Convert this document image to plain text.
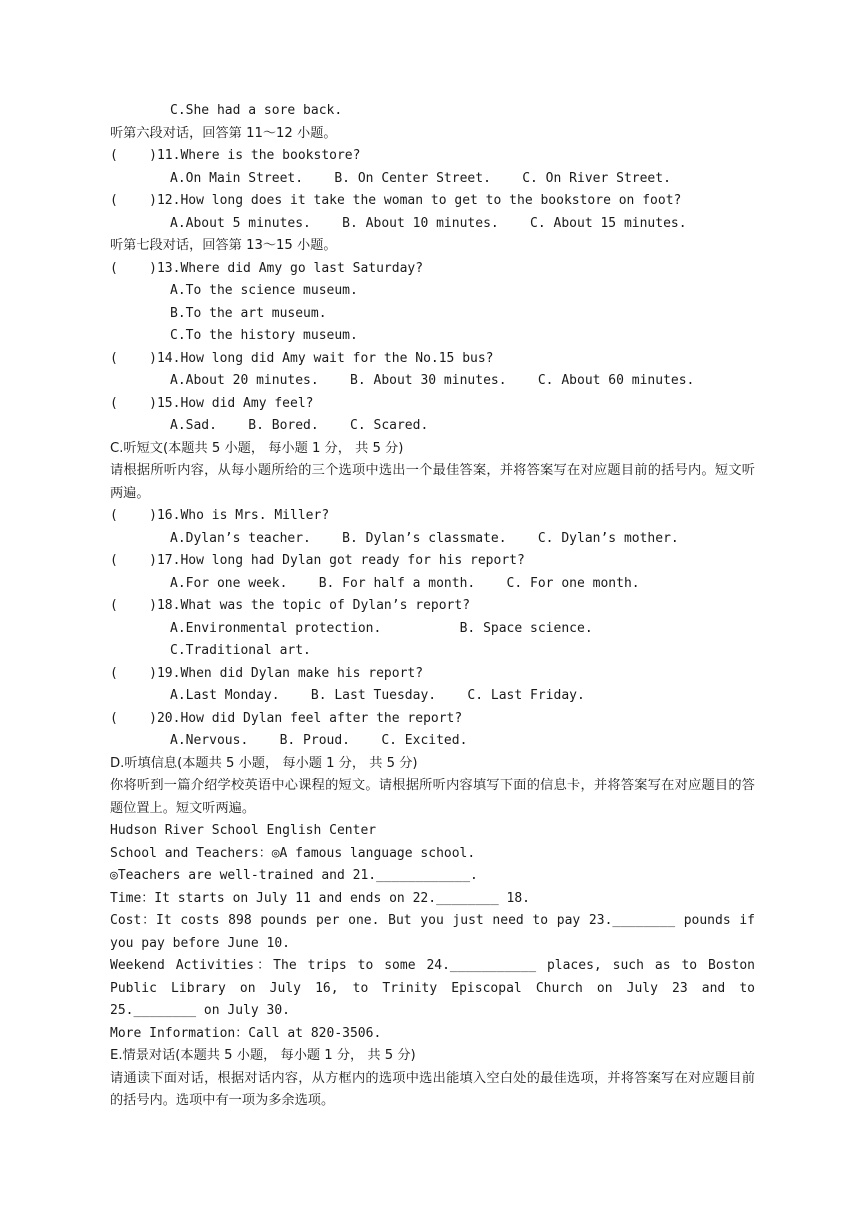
C.She had a sore back.
听第六段对话，回答第 11～12 小题。
(    )11.Where is the bookstore?
A.On Main Street.    B. On Center Street.    C. On River Street.
(    )12.How long does it take the woman to get to the bookstore on foot?
A.About 5 minutes.    B. About 10 minutes.    C. About 15 minutes.
听第七段对话，回答第 13～15 小题。
(    )13.Where did Amy go last Saturday?
A.To the science museum.
B.To the art museum.
C.To the history museum.
(    )14.How long did Amy wait for the No.15 bus?
A.About 20 minutes.    B. About 30 minutes.    C. About 60 minutes.
(    )15.How did Amy feel?
A.Sad.    B. Bored.    C. Scared.
C.听短文(本题共 5 小题， 每小题 1 分， 共 5 分)
请根据所听内容，从每小题所给的三个选项中选出一个最佳答案，并将答案写在对应题目前的括号内。短文听两遍。
(    )16.Who is Mrs. Miller?
A.Dylan’s teacher.    B. Dylan’s classmate.    C. Dylan’s mother.
(    )17.How long had Dylan got ready for his report?
A.For one week.    B. For half a month.    C. For one month.
(    )18.What was the topic of Dylan’s report?
A.Environmental protection.          B. Space science.
C.Traditional art.
(    )19.When did Dylan make his report?
A.Last Monday.    B. Last Tuesday.    C. Last Friday.
(    )20.How did Dylan feel after the report?
A.Nervous.    B. Proud.    C. Excited.
D.听填信息(本题共 5 小题， 每小题 1 分， 共 5 分)
你将听到一篇介绍学校英语中心课程的短文。请根据所听内容填写下面的信息卡，并将答案写在对应题目的答题位置上。短文听两遍。
Hudson River School English Center
School and Teachers：◎A famous language school.
◎Teachers are well-trained and 21.____________.
Time：It starts on July 11 and ends on 22.________ 18.
Cost：It costs 898 pounds per one. But you just need to pay 23.________ pounds if you pay before June 10.
Weekend Activities：The trips to some 24.___________ places, such as to Boston Public Library on July 16, to Trinity Episcopal Church on July 23 and to 25.________ on July 30.
More Information：Call at 820-3506.
E.情景对话(本题共 5 小题， 每小题 1 分， 共 5 分)
请通读下面对话，根据对话内容，从方框内的选项中选出能填入空白处的最佳选项，并将答案写在对应题目前的括号内。选项中有一项为多余选项。
